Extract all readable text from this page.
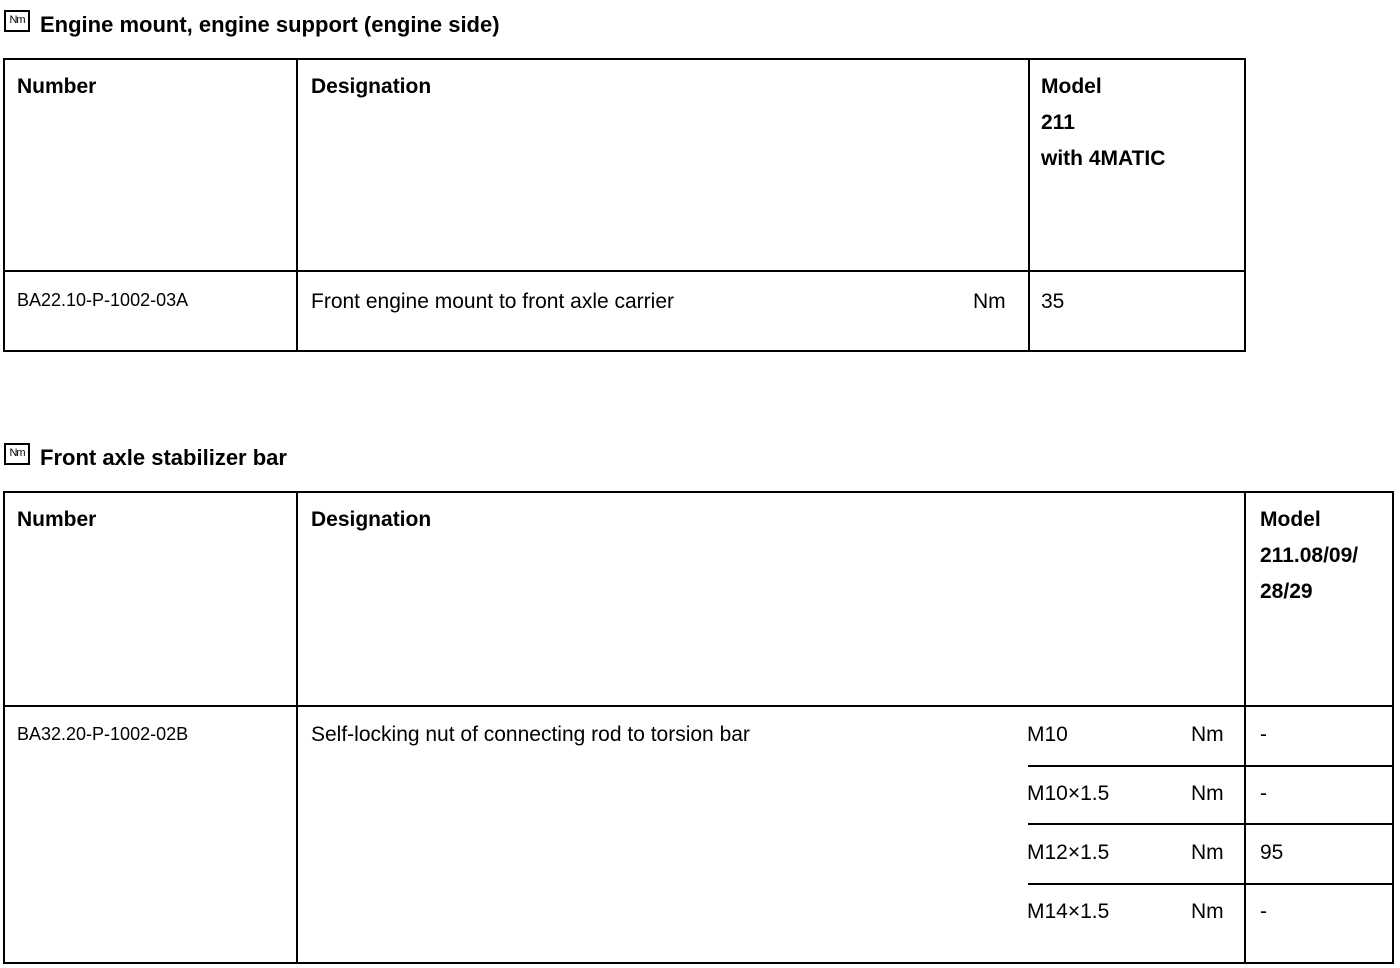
Nm Engine mount, engine support (engine side)
Number	Designation	Model
211
with 4MATIC
BA22.10-P-1002-03A	Front engine mount to front axle carrier	Nm 35
Nm Front axle stabilizer bar
Number	Designation	Model
211.08/09/
28/29
BA32.20-P-1002-02B	Self-locking nut of connecting rod to torsion bar	M10	Nm -
M10×1.5	Nm -
M12×1.5	Nm 95
M14×1.5	Nm -
